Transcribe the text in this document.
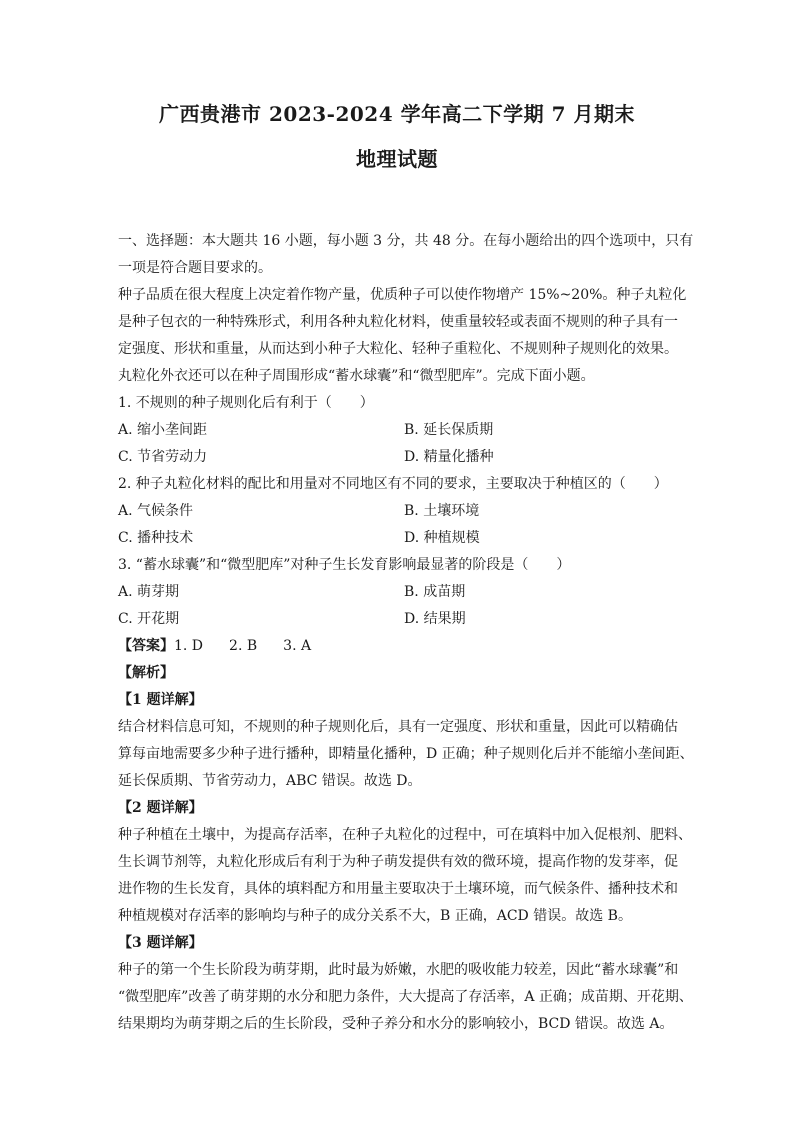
广西贵港市 2023-2024 学年高二下学期 7 月期末
地理试题
一、选择题：本大题共 16 小题，每小题 3 分，共 48 分。在每小题给出的四个选项中，只有
一项是符合题目要求的。
种子品质在很大程度上决定着作物产量，优质种子可以使作物增产 15%~20%。种子丸粒化
是种子包衣的一种特殊形式，利用各种丸粒化材料，使重量较轻或表面不规则的种子具有一
定强度、形状和重量，从而达到小种子大粒化、轻种子重粒化、不规则种子规则化的效果。
丸粒化外衣还可以在种子周围形成“蓄水球囊”和“微型肥库”。完成下面小题。
1. 不规则的种子规则化后有利于（　　）
A. 缩小垄间距	B. 延长保质期
C. 节省劳动力	D. 精量化播种
2. 种子丸粒化材料的配比和用量对不同地区有不同的要求，主要取决于种植区的（　　）
A. 气候条件	B. 土壤环境
C. 播种技术	D. 种植规模
3. “蓄水球囊”和“微型肥库”对种子生长发育影响最显著的阶段是（　　）
A. 萌芽期	B. 成苗期
C. 开花期	D. 结果期
【答案】1. D 2. B 3. A
【解析】
【1 题详解】
结合材料信息可知，不规则的种子规则化后，具有一定强度、形状和重量，因此可以精确估
算每亩地需要多少种子进行播种，即精量化播种，D 正确；种子规则化后并不能缩小垄间距、
延长保质期、节省劳动力，ABC 错误。故选 D。
【2 题详解】
种子种植在土壤中，为提高存活率，在种子丸粒化的过程中，可在填料中加入促根剂、肥料、
生长调节剂等，丸粒化形成后有利于为种子萌发提供有效的微环境，提高作物的发芽率，促
进作物的生长发育，具体的填料配方和用量主要取决于土壤环境，而气候条件、播种技术和
种植规模对存活率的影响均与种子的成分关系不大，B 正确，ACD 错误。故选 B。
【3 题详解】
种子的第一个生长阶段为萌芽期，此时最为娇嫩，水肥的吸收能力较差，因此“蓄水球囊”和
“微型肥库”改善了萌芽期的水分和肥力条件，大大提高了存活率，A 正确；成苗期、开花期、
结果期均为萌芽期之后的生长阶段，受种子养分和水分的影响较小，BCD 错误。故选 A。
